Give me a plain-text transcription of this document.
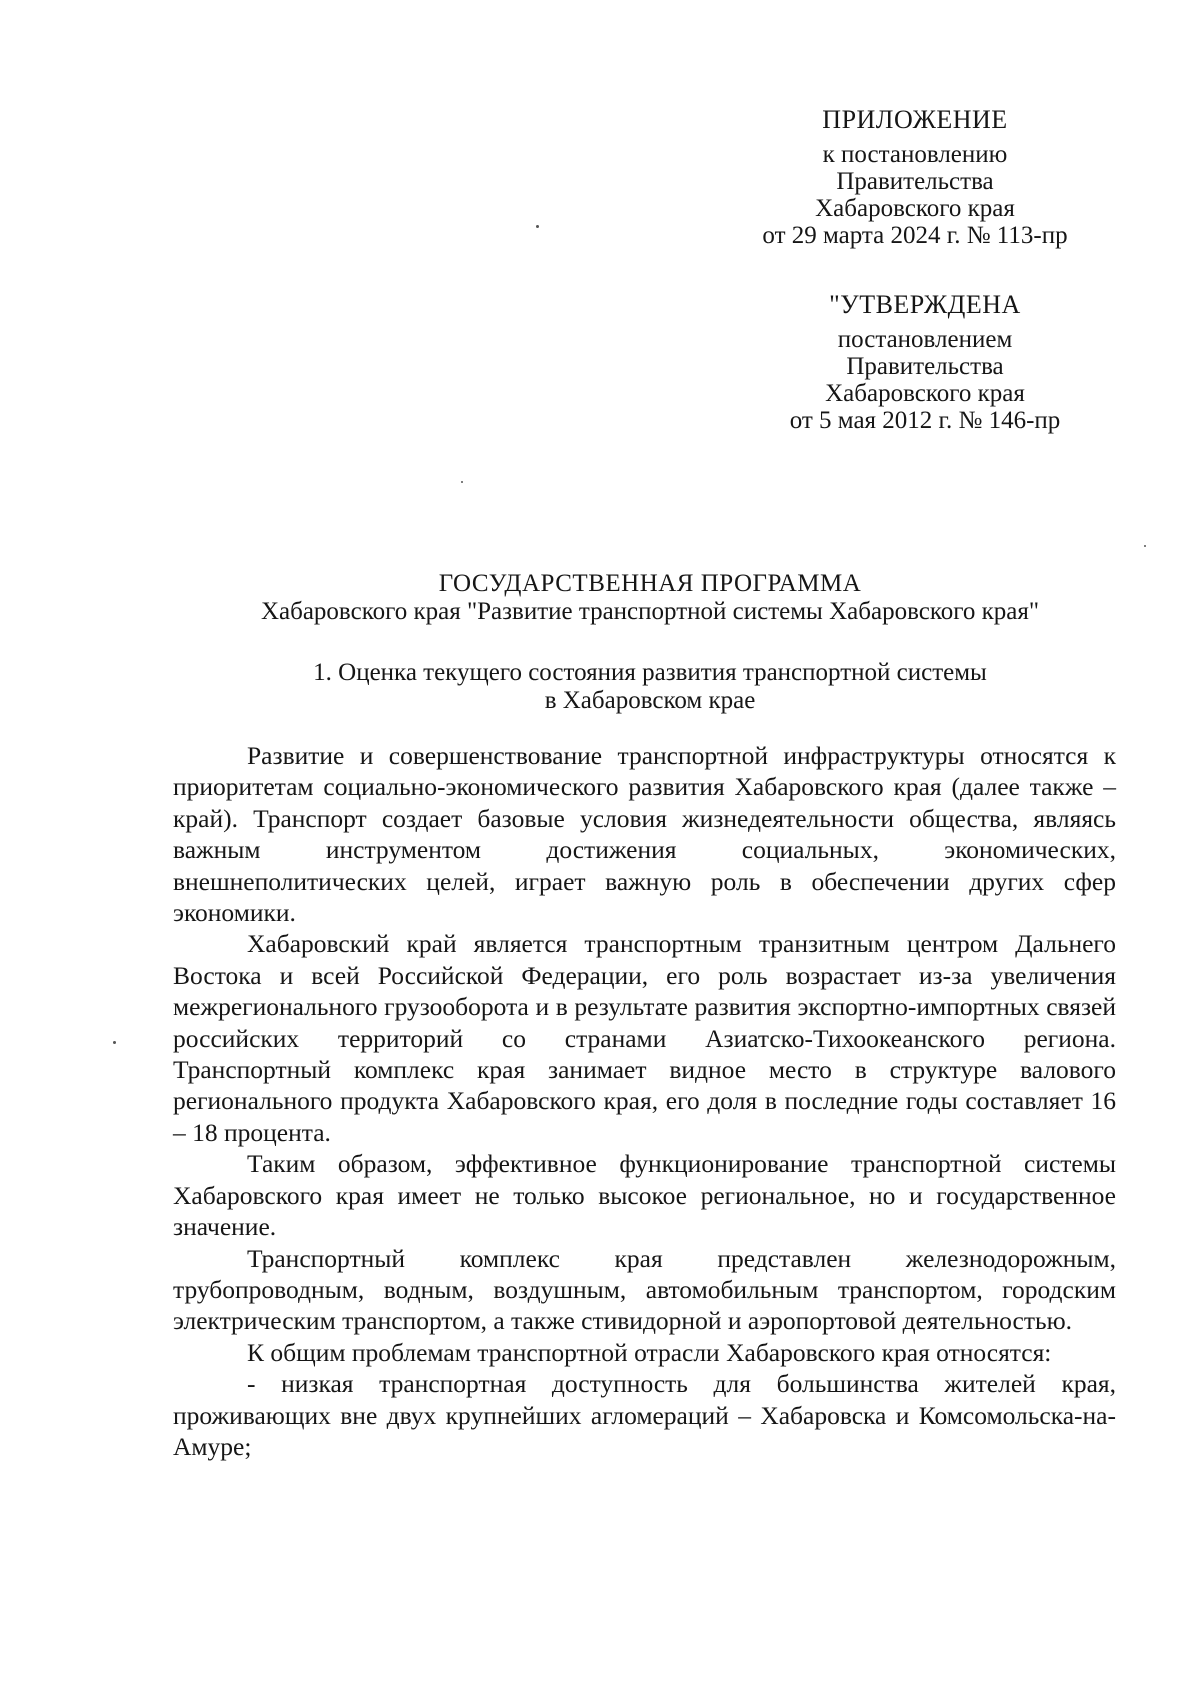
ПРИЛОЖЕНИЕ
к постановлению
Правительства
Хабаровского края
от 29 марта 2024 г. № 113-пр
"УТВЕРЖДЕНА
постановлением
Правительства
Хабаровского края
от 5 мая 2012 г. № 146-пр
ГОСУДАРСТВЕННАЯ ПРОГРАММА
Хабаровского края "Развитие транспортной системы Хабаровского края"
1. Оценка текущего состояния развития транспортной системы
в Хабаровском крае

Развитие и совершенствование транспортной инфраструктуры относятся к приоритетам социально-экономического развития Хабаровского края (далее также – край). Транспорт создает базовые условия жизнедеятельности общества, являясь важным инструментом достижения социальных, экономических, внешнеполитических целей, играет важную роль в обеспечении других сфер экономики.

Хабаровский край является транспортным транзитным центром Дальнего Востока и всей Российской Федерации, его роль возрастает из-за увеличения межрегионального грузооборота и в результате развития экспортно-импортных связей российских территорий со странами Азиатско-Тихоокеанского региона. Транспортный комплекс края занимает видное место в структуре валового регионального продукта Хабаровского края, его доля в последние годы составляет 16 – 18 процента.

Таким образом, эффективное функционирование транспортной системы Хабаровского края имеет не только высокое региональное, но и государственное значение.

Транспортный комплекс края представлен железнодорожным, трубопроводным, водным, воздушным, автомобильным транспортом, городским электрическим транспортом, а также стивидорной и аэропортовой деятельностью.

К общим проблемам транспортной отрасли Хабаровского края относятся:

- низкая транспортная доступность для большинства жителей края, проживающих вне двух крупнейших агломераций – Хабаровска и Комсомольска-на-Амуре;
